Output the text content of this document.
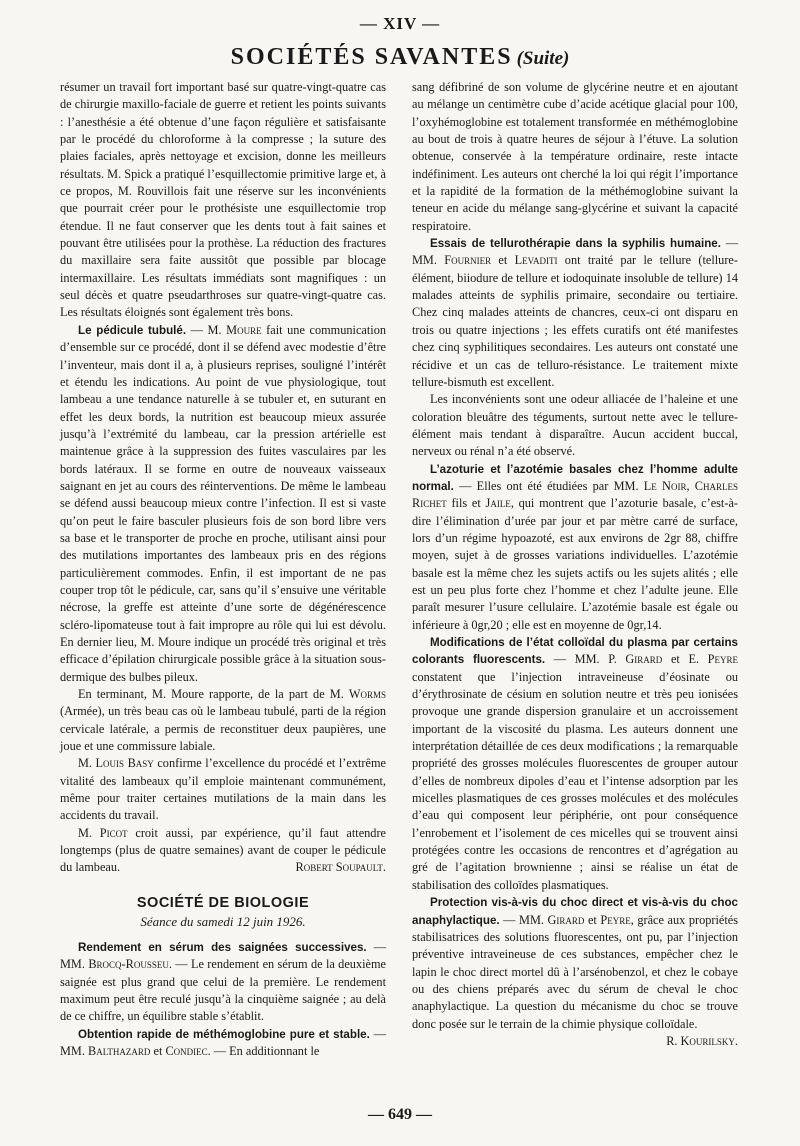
— XIV —
SOCIÉTÉS SAVANTES (Suite)

résumer un travail fort important basé sur quatre-vingt-quatre cas de chirurgie maxillo-faciale de guerre et retient les points suivants : l’anesthésie a été obtenue d’une façon régulière et satisfaisante par le procédé du chloroforme à la compresse ; la suture des plaies faciales, après nettoyage et excision, donne les meilleurs résultats. M. Spick a pratiqué l’esquillectomie primitive large et, à ce propos, M. Rouvillois fait une réserve sur les inconvénients que pourrait créer pour le prothésiste une esquillectomie trop étendue. Il ne faut conserver que les dents tout à fait saines et pouvant être utilisées pour la prothèse. La réduction des fractures du maxillaire sera faite aussitôt que possible par blocage intermaxillaire. Les résultats immédiats sont magnifiques : un seul décès et quatre pseudarthroses sur quatre-vingt-quatre cas. Les résultats éloignés sont également très bons.

Le pédicule tubulé. — M. Moure fait une communication d’ensemble sur ce procédé, dont il se défend avec modestie d’être l’inventeur, mais dont il a, à plusieurs reprises, souligné l’intérêt et étendu les indications. Au point de vue physiologique, tout lambeau a une tendance naturelle à se tubuler et, en suturant en effet les deux bords, la nutrition est beaucoup mieux assurée jusqu’à l’extrémité du lambeau, car la pression artérielle est maintenue grâce à la suppression des fuites vasculaires par les bords latéraux. Il se forme en outre de nouveaux vaisseaux saignant en jet au cours des réinterventions. De même le lambeau se défend aussi beaucoup mieux contre l’infection. Il est si vaste qu’on peut le faire basculer plusieurs fois de son bord libre vers sa base et le transporter de proche en proche, utilisant ainsi pour des mutilations importantes des lambeaux pris en des régions particulièrement commodes. Enfin, il est important de ne pas couper trop tôt le pédicule, car, sans qu’il s’ensuive une véritable nécrose, la greffe est atteinte d’une sorte de dégénérescence scléro-lipomateuse tout à fait impropre au rôle qui lui est dévolu. En dernier lieu, M. Moure indique un procédé très original et très efficace d’épilation chirurgicale possible grâce à la situation sous-dermique des bulbes pileux.

En terminant, M. Moure rapporte, de la part de M. Worms (Armée), un très beau cas où le lambeau tubulé, parti de la région cervicale latérale, a permis de reconstituer deux paupières, une joue et une commissure labiale.

M. Louis Basy confirme l’excellence du procédé et l’extrême vitalité des lambeaux qu’il emploie maintenant communément, même pour traiter certaines mutilations de la main dans les accidents du travail.

M. Picot croit aussi, par expérience, qu’il faut attendre longtemps (plus de quatre semaines) avant de couper le pédicule du lambeau.	Robert Soupault.

SOCIÉTÉ DE BIOLOGIE
Séance du samedi 12 juin 1926.

Rendement en sérum des saignées successives. — MM. Brocq-Rousseu. — Le rendement en sérum de la deuxième saignée est plus grand que celui de la première. Le rendement maximum peut être reculé jusqu’à la cinquième saignée ; au delà de ce chiffre, un équilibre stable s’établit.

Obtention rapide de méthémoglobine pure et stable. — MM. Balthazard et Condiec. — En additionnant le

sang défibriné de son volume de glycérine neutre et en ajoutant au mélange un centimètre cube d’acide acétique glacial pour 100, l’oxyhémoglobine est totalement transformée en méthémoglobine au bout de trois à quatre heures de séjour à l’étuve. La solution obtenue, conservée à la température ordinaire, reste intacte indéfiniment. Les auteurs ont cherché la loi qui régit l’importance et la rapidité de la formation de la méthémoglobine suivant la teneur en acide du mélange sang-glycérine et suivant la capacité respiratoire.

Essais de tellurothérapie dans la syphilis humaine. — MM. Fournier et Levaditi ont traité par le tellure (tellure-élément, biiodure de tellure et iodoquinate insoluble de tellure) 14 malades atteints de syphilis primaire, secondaire ou tertiaire. Chez cinq malades atteints de chancres, ceux-ci ont disparu en trois ou quatre injections ; les effets curatifs ont été manifestes chez cinq syphilitiques secondaires. Les auteurs ont constaté une récidive et un cas de telluro-résistance. Le traitement mixte tellure-bismuth est excellent.

Les inconvénients sont une odeur alliacée de l’haleine et une coloration bleuâtre des téguments, surtout nette avec le tellure-élément mais tendant à disparaître. Aucun accident buccal, nerveux ou rénal n’a été observé.

L’azoturie et l’azotémie basales chez l’homme adulte normal. — Elles ont été étudiées par MM. Le Noir, Charles Richet fils et Jaile, qui montrent que l’azoturie basale, c’est-à-dire l’élimination d’urée par jour et par mètre carré de surface, lors d’un régime hypoazoté, est aux environs de 2gr 88, chiffre moyen, sujet à de grosses variations individuelles. L’azotémie basale est la même chez les sujets actifs ou les sujets alités ; elle est un peu plus forte chez l’homme et chez l’adulte jeune. Elle paraît mesurer l’usure cellulaire. L’azotémie basale est égale ou inférieure à 0gr,20 ; elle est en moyenne de 0gr,14.

Modifications de l’état colloïdal du plasma par certains colorants fluorescents. — MM. P. Girard et E. Peyre constatent que l’injection intraveineuse d’éosinate ou d’érythrosinate de césium en solution neutre et très peu ionisées provoque une grande dispersion granulaire et un accroissement important de la viscosité du plasma. Les auteurs donnent une interprétation détaillée de ces deux modifications ; la remarquable propriété des grosses molécules fluorescentes de grouper autour d’elles de nombreux dipoles d’eau et l’intense adsorption par les micelles plasmatiques de ces grosses molécules et des molécules d’eau qui composent leur périphérie, ont pour conséquence l’enrobement et l’isolement de ces micelles qui se trouvent ainsi protégées contre les occasions de rencontres et d’agrégation au gré de l’agitation brownienne ; ainsi se réalise un état de stabilisation des colloïdes plasmatiques.

Protection vis-à-vis du choc direct et vis-à-vis du choc anaphylactique. — MM. Girard et Peyre, grâce aux propriétés stabilisatrices des solutions fluorescentes, ont pu, par l’injection préventive intraveineuse de ces substances, empêcher chez le lapin le choc direct mortel dû à l’arsénobenzol, et chez le cobaye ou des chiens préparés avec du sérum de cheval le choc anaphylactique. La question du mécanisme du choc se trouve donc posée sur le terrain de la chimie physique colloïdale.
R. Kourilsky.

— 649 —
